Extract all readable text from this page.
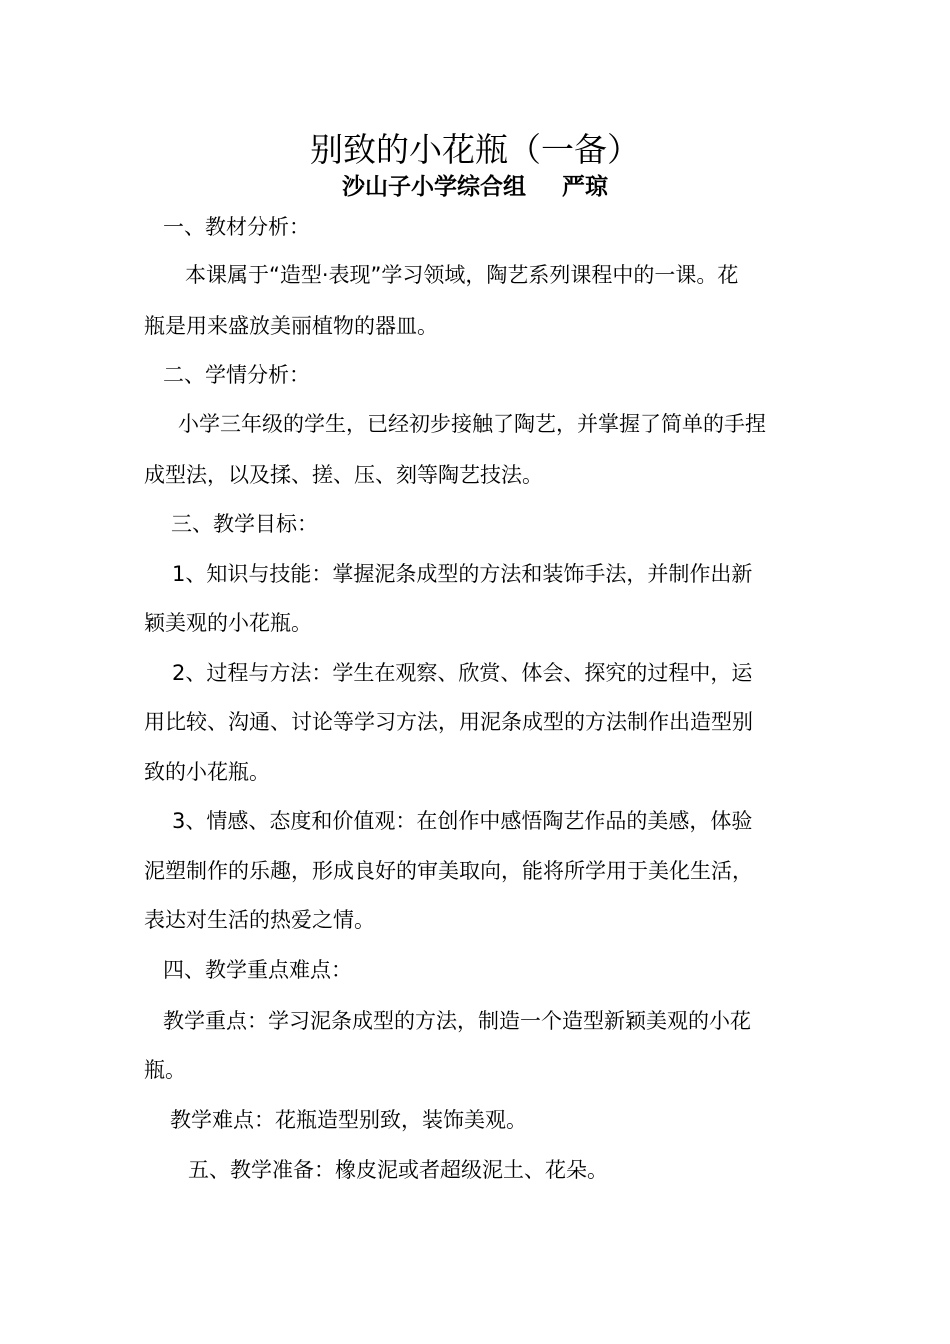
别致的小花瓶（一备）
沙山子小学综合组 严琼
一、教材分析：
本课属于“造型·表现”学习领域，陶艺系列课程中的一课。花
瓶是用来盛放美丽植物的器皿。
二、学情分析：
小学三年级的学生，已经初步接触了陶艺，并掌握了简单的手捏
成型法，以及揉、搓、压、刻等陶艺技法。
三、教学目标：
1、知识与技能：掌握泥条成型的方法和装饰手法，并制作出新
颖美观的小花瓶。
2、过程与方法：学生在观察、欣赏、体会、探究的过程中，运
用比较、沟通、讨论等学习方法，用泥条成型的方法制作出造型别
致的小花瓶。
3、情感、态度和价值观：在创作中感悟陶艺作品的美感，体验
泥塑制作的乐趣，形成良好的审美取向，能将所学用于美化生活，
表达对生活的热爱之情。
四、教学重点难点：
教学重点：学习泥条成型的方法，制造一个造型新颖美观的小花
瓶。
教学难点：花瓶造型别致，装饰美观。
五、教学准备：橡皮泥或者超级泥土、花朵。
